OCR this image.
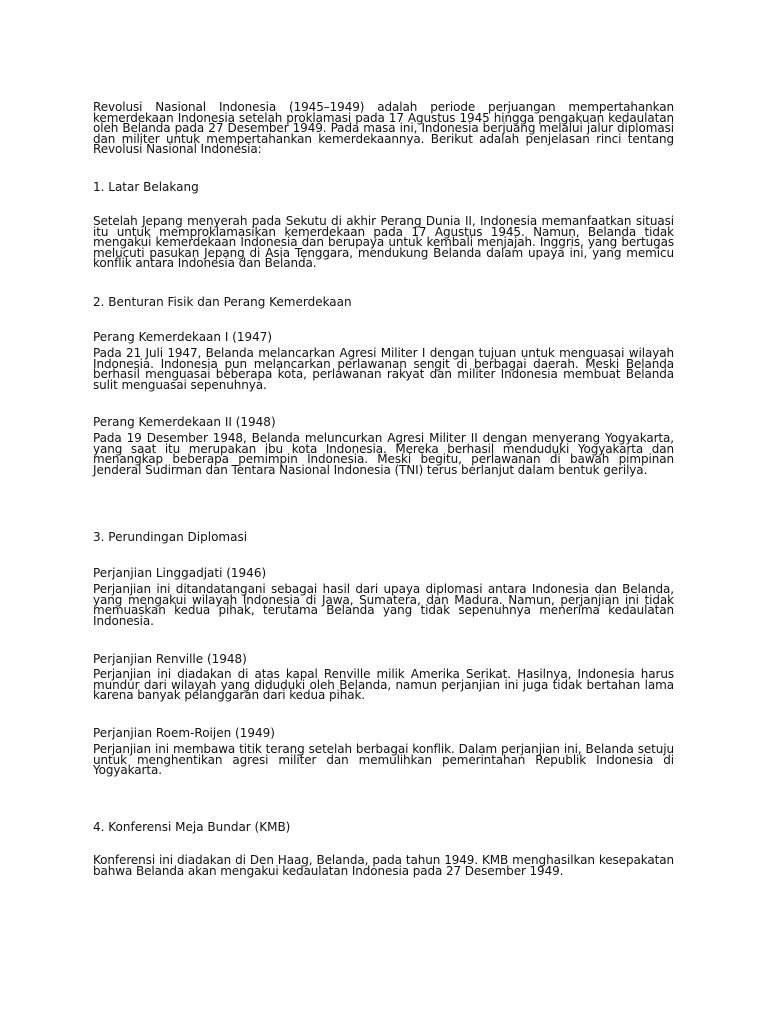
Revolusi Nasional Indonesia (1945–1949) adalah periode perjuangan mempertahankan kemerdekaan Indonesia setelah proklamasi pada 17 Agustus 1945 hingga pengakuan kedaulatan oleh Belanda pada 27 Desember 1949. Pada masa ini, Indonesia berjuang melalui jalur diplomasi dan militer untuk mempertahankan kemerdekaannya. Berikut adalah penjelasan rinci tentang Revolusi Nasional Indonesia:

1. Latar Belakang

Setelah Jepang menyerah pada Sekutu di akhir Perang Dunia II, Indonesia memanfaatkan situasi itu untuk memproklamasikan kemerdekaan pada 17 Agustus 1945. Namun, Belanda tidak mengakui kemerdekaan Indonesia dan berupaya untuk kembali menjajah. Inggris, yang bertugas melucuti pasukan Jepang di Asia Tenggara, mendukung Belanda dalam upaya ini, yang memicu konflik antara Indonesia dan Belanda.

2. Benturan Fisik dan Perang Kemerdekaan
Perang Kemerdekaan I (1947)

Pada 21 Juli 1947, Belanda melancarkan Agresi Militer I dengan tujuan untuk menguasai wilayah Indonesia. Indonesia pun melancarkan perlawanan sengit di berbagai daerah. Meski Belanda berhasil menguasai beberapa kota, perlawanan rakyat dan militer Indonesia membuat Belanda sulit menguasai sepenuhnya.

Perang Kemerdekaan II (1948)

Pada 19 Desember 1948, Belanda meluncurkan Agresi Militer II dengan menyerang Yogyakarta, yang saat itu merupakan ibu kota Indonesia. Mereka berhasil menduduki Yogyakarta dan menangkap beberapa pemimpin Indonesia. Meski begitu, perlawanan di bawah pimpinan Jenderal Sudirman dan Tentara Nasional Indonesia (TNI) terus berlanjut dalam bentuk gerilya.

3. Perundingan Diplomasi
Perjanjian Linggadjati (1946)

Perjanjian ini ditandatangani sebagai hasil dari upaya diplomasi antara Indonesia dan Belanda, yang mengakui wilayah Indonesia di Jawa, Sumatera, dan Madura. Namun, perjanjian ini tidak memuaskan kedua pihak, terutama Belanda yang tidak sepenuhnya menerima kedaulatan Indonesia.

Perjanjian Renville (1948)

Perjanjian ini diadakan di atas kapal Renville milik Amerika Serikat. Hasilnya, Indonesia harus mundur dari wilayah yang diduduki oleh Belanda, namun perjanjian ini juga tidak bertahan lama karena banyak pelanggaran dari kedua pihak.

Perjanjian Roem-Roijen (1949)

Perjanjian ini membawa titik terang setelah berbagai konflik. Dalam perjanjian ini, Belanda setuju untuk menghentikan agresi militer dan memulihkan pemerintahan Republik Indonesia di Yogyakarta.

4. Konferensi Meja Bundar (KMB)

Konferensi ini diadakan di Den Haag, Belanda, pada tahun 1949. KMB menghasilkan kesepakatan bahwa Belanda akan mengakui kedaulatan Indonesia pada 27 Desember 1949.
